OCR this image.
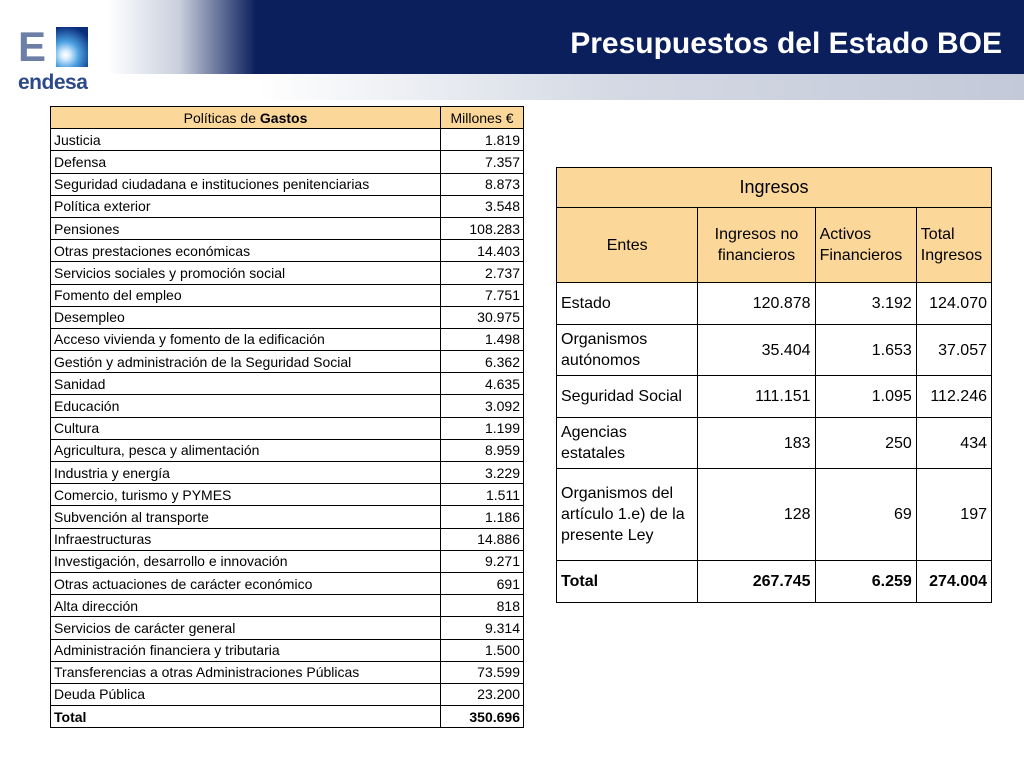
Presupuestos del Estado BOE
E
endesa
Políticas de Gastos	Millones €
Justicia	1.819
Defensa	7.357
Seguridad ciudadana e instituciones penitenciarias	8.873
Política exterior	3.548
Pensiones	108.283
Otras prestaciones económicas	14.403
Servicios sociales y promoción social	2.737
Fomento del empleo	7.751
Desempleo	30.975
Acceso vivienda y fomento de la edificación	1.498
Gestión y administración de la Seguridad Social	6.362
Sanidad	4.635
Educación	3.092
Cultura	1.199
Agricultura, pesca y alimentación	8.959
Industria y energía	3.229
Comercio, turismo y PYMES	1.511
Subvención al transporte	1.186
Infraestructuras	14.886
Investigación, desarrollo e innovación	9.271
Otras actuaciones de carácter económico	691
Alta dirección	818
Servicios de carácter general	9.314
Administración financiera y tributaria	1.500
Transferencias a otras Administraciones Públicas	73.599
Deuda Pública	23.200
Total	350.696
Ingresos			
Entes	Ingresos no financieros	Activos Financieros	Total Ingresos
Estado	120.878	3.192	124.070
Organismos autónomos	35.404	1.653	37.057
Seguridad Social	111.151	1.095	112.246
Agencias estatales	183	250	434
Organismos del artículo 1.e) de la presente Ley	128	69	197
Total	267.745	6.259	274.004
